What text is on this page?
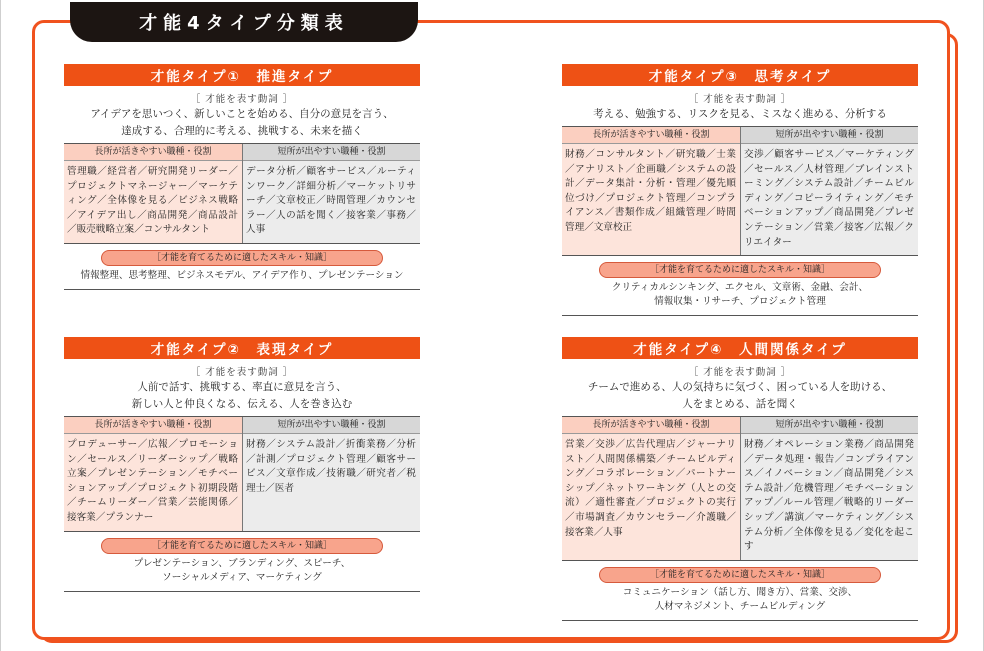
才能4タイプ分類表
才能タイプ①　推進タイプ
［ 才能を表す動詞 ］
アイデアを思いつく、新しいことを始める、自分の意見を言う、
達成する、合理的に考える、挑戦する、未来を描く
長所が活きやすい職種・役割
管理職／経営者／研究開発リーダー／プロジェクトマネージャー／マーケティング／全体像を見る／ビジネス戦略／アイデア出し／商品開発／商品設計／販売戦略立案／コンサルタント
短所が出やすい職種・役割
データ分析／顧客サービス／ルーティンワーク／詳細分析／マーケットリサーチ／文章校正／時間管理／カウンセラー／人の話を聞く／接客業／事務／人事
［才能を育てるために適したスキル・知識］
情報整理、思考整理、ビジネスモデル、アイデア作り、プレゼンテーション
才能タイプ②　表現タイプ
［ 才能を表す動詞 ］
人前で話す、挑戦する、率直に意見を言う、
新しい人と仲良くなる、伝える、人を巻き込む
長所が活きやすい職種・役割
プロデューサー／広報／プロモーション／セールス／リーダーシップ／戦略立案／プレゼンテーション／モチベーションアップ／プロジェクト初期段階／チームリーダー／営業／芸能関係／接客業／プランナー
短所が出やすい職種・役割
財務／システム設計／折衝業務／分析／計測／プロジェクト管理／顧客サービス／文章作成／技術職／研究者／税理士／医者
［才能を育てるために適したスキル・知識］
プレゼンテーション、ブランディング、スピーチ、
ソーシャルメディア、マーケティング
才能タイプ③　思考タイプ
［ 才能を表す動詞 ］
考える、勉強する、リスクを見る、ミスなく進める、分析する
長所が活きやすい職種・役割
財務／コンサルタント／研究職／士業／アナリスト／企画職／システムの設計／データ集計・分析・管理／優先順位づけ／プロジェクト管理／コンプライアンス／書類作成／組織管理／時間管理／文章校正
短所が出やすい職種・役割
交渉／顧客サービス／マーケティング／セールス／人材管理／ブレインストーミング／システム設計／チームビルディング／コピーライティング／モチベーションアップ／商品開発／プレゼンテーション／営業／接客／広報／クリエイター
［才能を育てるために適したスキル・知識］
クリティカルシンキング、エクセル、文章術、金融、会計、
情報収集・リサーチ、プロジェクト管理
才能タイプ④　人間関係タイプ
［ 才能を表す動詞 ］
チームで進める、人の気持ちに気づく、困っている人を助ける、
人をまとめる、話を聞く
長所が活きやすい職種・役割
営業／交渉／広告代理店／ジャーナリスト／人間関係構築／チームビルディング／コラボレーション／パートナーシップ／ネットワーキング（人との交流）／適性審査／プロジェクトの実行／市場調査／カウンセラー／介護職／接客業／人事
短所が出やすい職種・役割
財務／オペレーション業務／商品開発／データ処理・報告／コンプライアンス／イノベーション／商品開発／システム設計／危機管理／モチベーションアップ／ルール管理／戦略的リーダーシップ／講演／マーケティング／システム分析／全体像を見る／変化を起こす
［才能を育てるために適したスキル・知識］
コミュニケーション（話し方、聞き方）、営業、交渉、
人材マネジメント、チームビルディング
